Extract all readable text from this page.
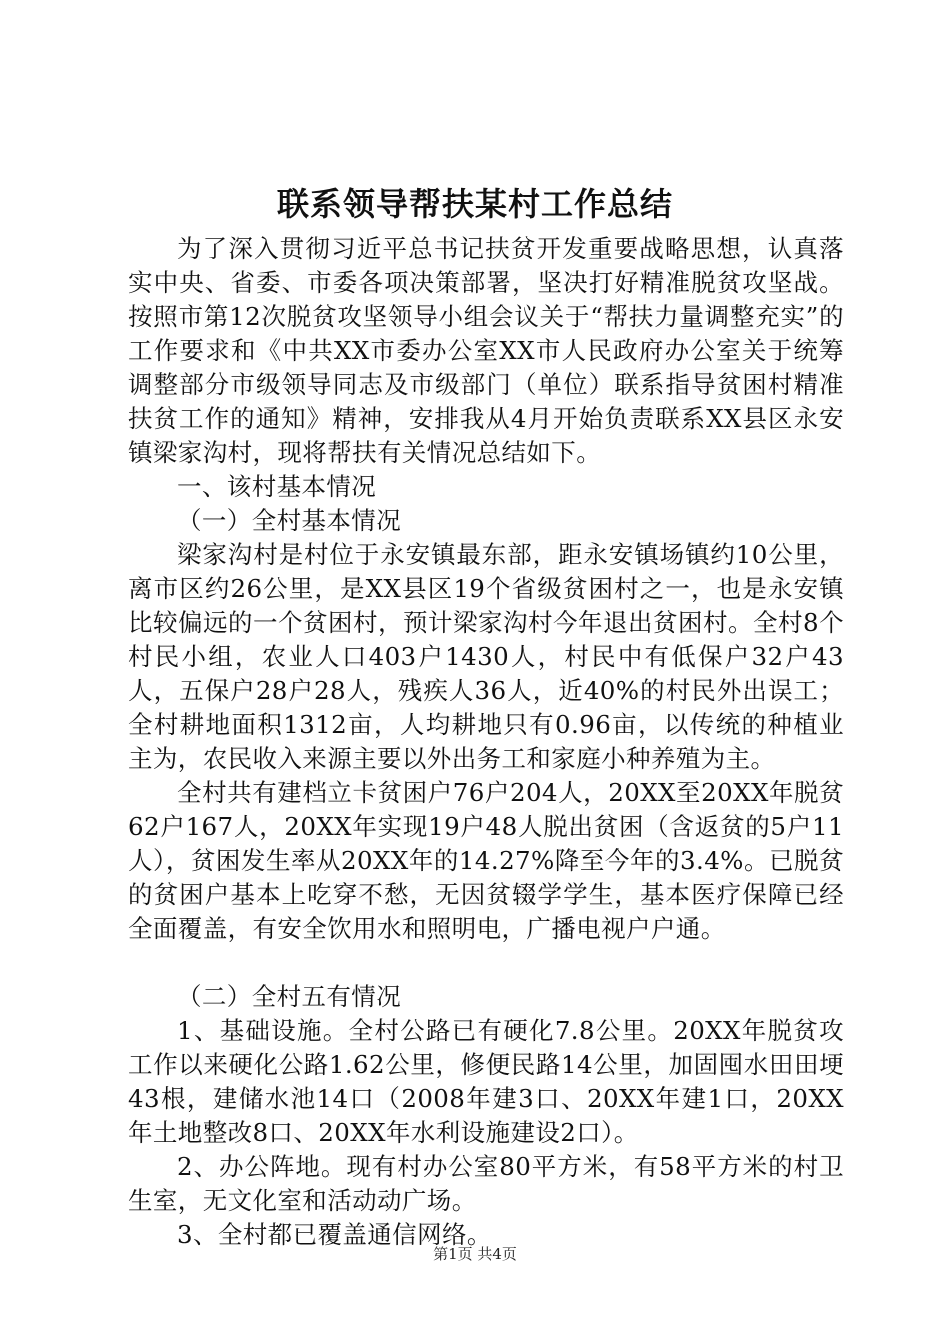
联系领导帮扶某村工作总结

为了深入贯彻习近平总书记扶贫开发重要战略思想，认真落实中央、省委、市委各项决策部署，坚决打好精准脱贫攻坚战。按照市第12次脱贫攻坚领导小组会议关于“帮扶力量调整充实”的工作要求和《中共XX市委办公室XX市人民政府办公室关于统筹调整部分市级领导同志及市级部门（单位）联系指导贫困村精准扶贫工作的通知》精神，安排我从4月开始负责联系XX县区永安镇梁家沟村，现将帮扶有关情况总结如下。

一、该村基本情况

（一）全村基本情况

梁家沟村是村位于永安镇最东部，距永安镇场镇约10公里，离市区约26公里，是XX县区19个省级贫困村之一，也是永安镇比较偏远的一个贫困村，预计梁家沟村今年退出贫困村。全村8个村民小组，农业人口403户1430人，村民中有低保户32户43人，五保户28户28人，残疾人36人，近40%的村民外出误工；全村耕地面积1312亩，人均耕地只有0.96亩，以传统的种植业主为，农民收入来源主要以外出务工和家庭小种养殖为主。

全村共有建档立卡贫困户76户204人，20XX至20XX年脱贫62户167人，20XX年实现19户48人脱出贫困（含返贫的5户11人），贫困发生率从20XX年的14.27%降至今年的3.4%。已脱贫的贫困户基本上吃穿不愁，无因贫辍学学生，基本医疗保障已经全面覆盖，有安全饮用水和照明电，广播电视户户通。

（二）全村五有情况

1、基础设施。全村公路已有硬化7.8公里。20XX年脱贫攻工作以来硬化公路1.62公里，修便民路14公里，加固囤水田田埂43根，建储水池14口（2008年建3口、20XX年建1口，20XX年土地整改8口、20XX年水利设施建设2口）。

2、办公阵地。现有村办公室80平方米，有58平方米的村卫生室，无文化室和活动动广场。

3、全村都已覆盖通信网络。

第1页 共4页
